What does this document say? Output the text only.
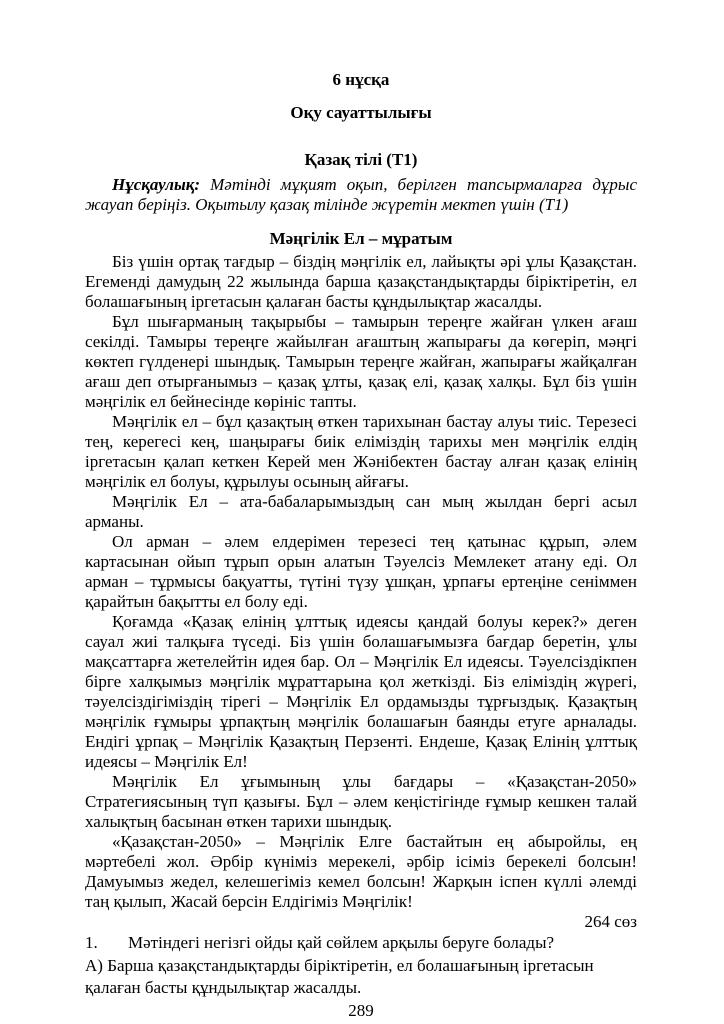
6 нұсқа

Оқу сауаттылығы

Қазақ тілі (Т1)

Нұсқаулық: Мәтінді мұқият оқып, берілген тапсырмаларға дұрыс жауап беріңіз. Оқытылу қазақ тілінде жүретін мектеп үшін (Т1)

Мәңгілік Ел – мұратым

Біз үшін ортақ тағдыр – біздің мәңгілік ел, лайықты әрі ұлы Қазақстан. Егеменді дамудың 22 жылында барша қазақстандықтарды біріктіретін, ел болашағының іргетасын қалаған басты құндылықтар жасалды.

Бұл шығарманың тақырыбы – тамырын тереңге жайған үлкен ағаш секілді. Тамыры тереңге жайылған ағаштың жапырағы да көгеріп, мәңгі көктеп гүлденері шындық. Тамырын тереңге жайған, жапырағы жайқалған ағаш деп отырғанымыз – қазақ ұлты, қазақ елі, қазақ халқы. Бұл біз үшін мәңгілік ел бейнесінде көрініс тапты.

Мәңгілік ел – бұл қазақтың өткен тарихынан бастау алуы тиіс. Терезесі тең, керегесі кең, шаңырағы биік еліміздің тарихы мен мәңгілік елдің іргетасын қалап кеткен Керей мен Жәнібектен бастау алған қазақ елінің мәңгілік ел болуы, құрылуы осының айғағы.

Мәңгілік Ел – ата-бабаларымыздың сан мың жылдан бергі асыл арманы.

Ол арман – әлем елдерімен терезесі тең қатынас құрып, әлем картасынан ойып тұрып орын алатын Тәуелсіз Мемлекет атану еді. Ол арман – тұрмысы бақуатты, түтіні түзу ұшқан, ұрпағы ертеңіне сеніммен қарайтын бақытты ел болу еді.

Қоғамда «Қазақ елінің ұлттық идеясы қандай болуы керек?» деген сауал жиі талқыға түседі. Біз үшін болашағымызға бағдар беретін, ұлы мақсаттарға жетелейтін идея бар. Ол – Мәңгілік Ел идеясы. Тәуелсіздікпен бірге халқымыз мәңгілік мұраттарына қол жеткізді. Біз еліміздің жүрегі, тәуелсіздігіміздің тірегі – Мәңгілік Ел ордамызды тұрғыздық. Қазақтың мәңгілік ғұмыры ұрпақтың мәңгілік болашағын баянды етуге арналады. Ендігі ұрпақ – Мәңгілік Қазақтың Перзенті. Ендеше, Қазақ Елінің ұлттық идеясы – Мәңгілік Ел!

Мәңгілік Ел ұғымының ұлы бағдары – «Қазақстан-2050» Стратегиясының түп қазығы. Бұл – әлем кеңістігінде ғұмыр кешкен талай халықтың басынан өткен тарихи шындық.

«Қазақстан-2050» – Мәңгілік Елге бастайтын ең абыройлы, ең мәртебелі жол. Әрбір күніміз мерекелі, әрбір ісіміз берекелі болсын! Дамуымыз жедел, келешегіміз кемел болсын! Жарқын іспен күллі әлемді таң қылып, Жасай берсін Елдігіміз Мәңгілік!

264 сөз

1. Мәтіндегі негізгі ойды қай сөйлем арқылы беруге болады?

А) Барша қазақстандықтарды біріктіретін, ел болашағының іргетасын қалаған басты құндылықтар жасалды.

289
